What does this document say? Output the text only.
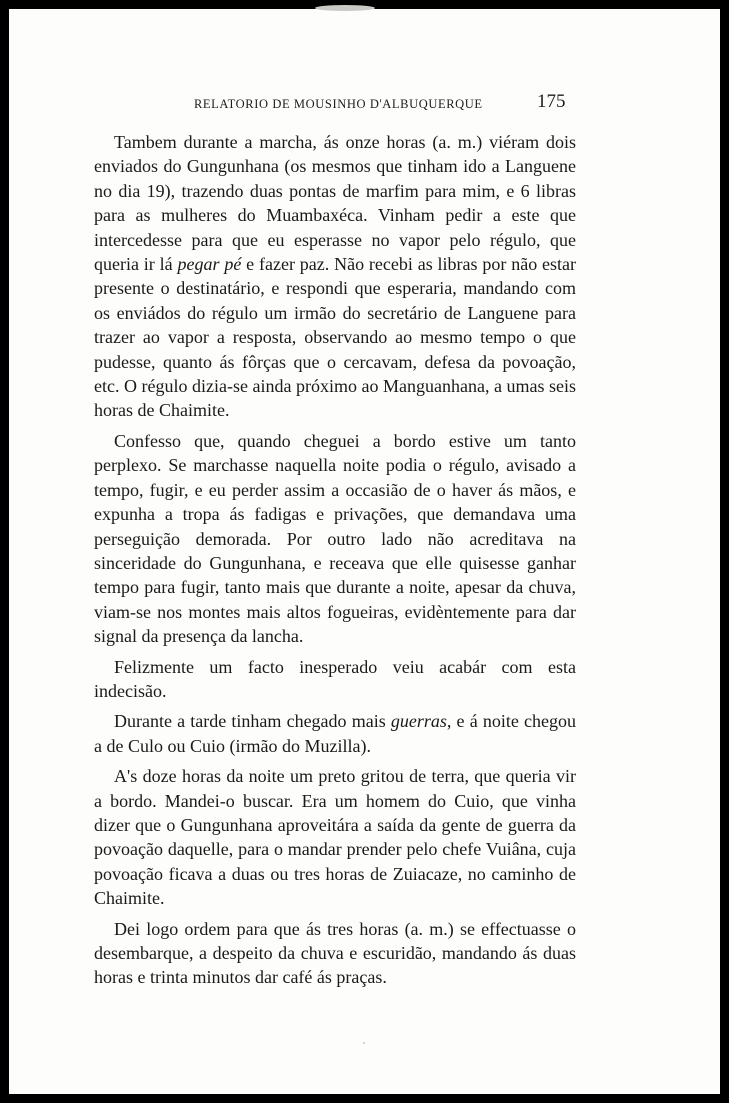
RELATORIO DE MOUSINHO D'ALBUQUERQUE	175

Tambem durante a marcha, ás onze horas (a. m.) viéram dois enviados do Gungunhana (os mesmos que tinham ido a Languene no dia 19), trazendo duas pontas de marfim para mim, e 6 libras para as mulheres do Muambaxéca. Vinham pedir a este que intercedesse para que eu esperasse no vapor pelo régulo, que queria ir lá pegar pé e fazer paz. Não recebi as libras por não estar presente o destinatário, e respondi que esperaria, mandando com os enviádos do régulo um irmão do secretário de Languene para trazer ao vapor a resposta, observando ao mesmo tempo o que pudesse, quanto ás fôrças que o cercavam, defesa da povoação, etc. O régulo dizia-se ainda próximo ao Manguanhana, a umas seis horas de Chaimite.

Confesso que, quando cheguei a bordo estive um tanto perplexo. Se marchasse naquella noite podia o régulo, avisado a tempo, fugir, e eu perder assim a occasião de o haver ás mãos, e expunha a tropa ás fadigas e privações, que demandava uma perseguição demorada. Por outro lado não acreditava na sinceridade do Gungunhana, e receava que elle quisesse ganhar tempo para fugir, tanto mais que durante a noite, apesar da chuva, viam-se nos montes mais altos fogueiras, evidèntemente para dar signal da presença da lancha.

Felizmente um facto inesperado veiu acabár com esta indecisão.

Durante a tarde tinham chegado mais guerras, e á noite chegou a de Culo ou Cuio (irmão do Muzilla).

A's doze horas da noite um preto gritou de terra, que queria vir a bordo. Mandei-o buscar. Era um homem do Cuio, que vinha dizer que o Gungunhana aproveitára a saída da gente de guerra da povoação daquelle, para o mandar prender pelo chefe Vuiâna, cuja povoação ficava a duas ou tres horas de Zuiacaze, no caminho de Chaimite.

Dei logo ordem para que ás tres horas (a. m.) se effectuasse o desembarque, a despeito da chuva e escuridão, mandando ás duas horas e trinta minutos dar café ás praças.
